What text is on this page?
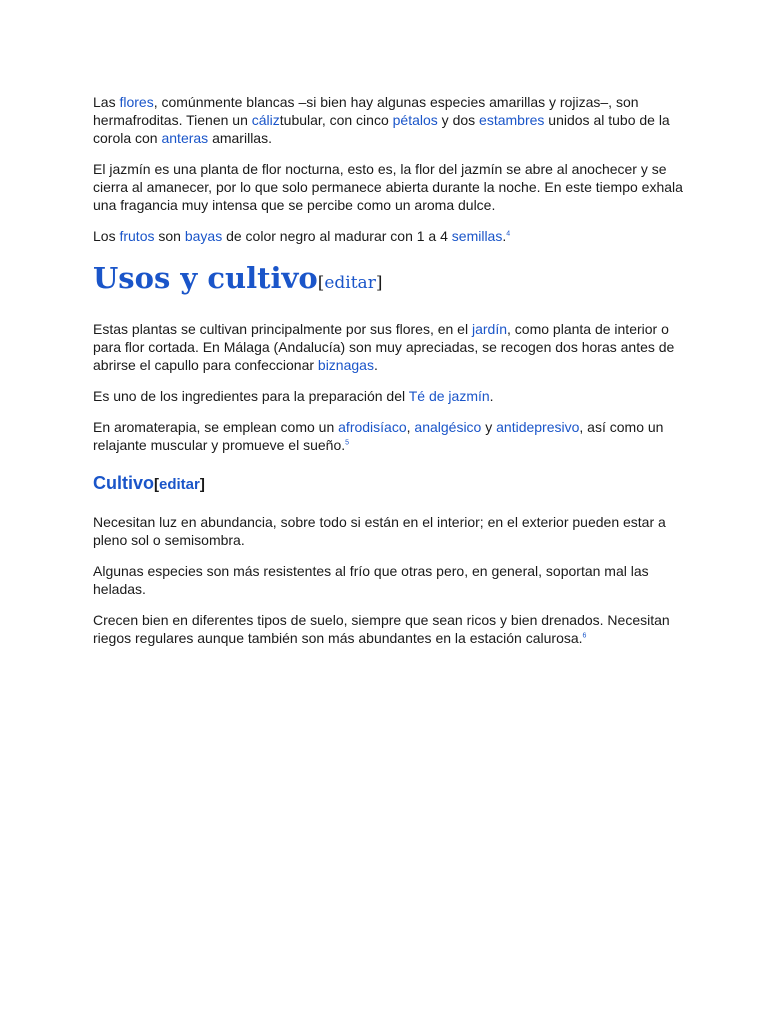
Las flores, comúnmente blancas –si bien hay algunas especies amarillas y rojizas–, son hermafroditas. Tienen un cáliztubular, con cinco pétalos y dos estambres unidos al tubo de la corola con anteras amarillas.

El jazmín es una planta de flor nocturna, esto es, la flor del jazmín se abre al anochecer y se cierra al amanecer, por lo que solo permanece abierta durante la noche. En este tiempo exhala una fragancia muy intensa que se percibe como un aroma dulce.

Los frutos son bayas de color negro al madurar con 1 a 4 semillas.$^4$

Usos y cultivo[editar]

Estas plantas se cultivan principalmente por sus flores, en el jardín, como planta de interior o para flor cortada. En Málaga (Andalucía) son muy apreciadas, se recogen dos horas antes de abrirse el capullo para confeccionar biznagas.

Es uno de los ingredientes para la preparación del Té de jazmín.

En aromaterapia, se emplean como un afrodisíaco, analgésico y antidepresivo, así como un relajante muscular y promueve el sueño.$^5$

Cultivo[editar]

Necesitan luz en abundancia, sobre todo si están en el interior; en el exterior pueden estar a pleno sol o semisombra.

Algunas especies son más resistentes al frío que otras pero, en general, soportan mal las heladas.

Crecen bien en diferentes tipos de suelo, siempre que sean ricos y bien drenados. Necesitan riegos regulares aunque también son más abundantes en la estación calurosa.$^6$
